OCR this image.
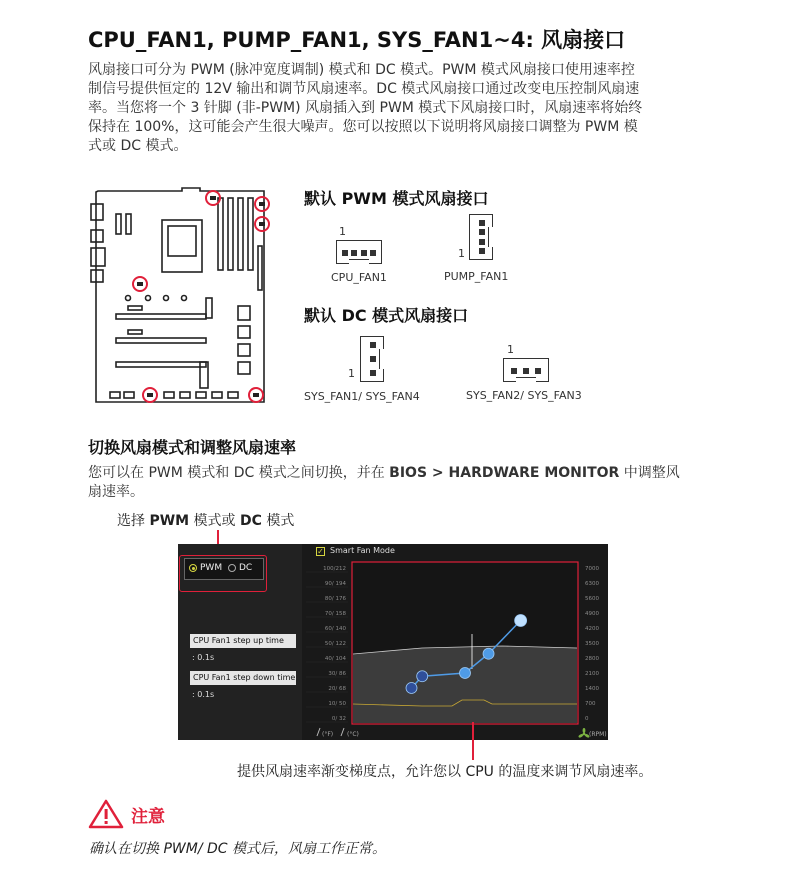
CPU_FAN1, PUMP_FAN1, SYS_FAN1~4: 风扇接口

风扇接口可分为 PWM (脉冲宽度调制) 模式和 DC 模式。PWM 模式风扇接口使用速率控
制信号提供恒定的 12V 输出和调节风扇速率。DC 模式风扇接口通过改变电压控制风扇速
率。当您将一个 3 针脚 (非-PWM) 风扇插入到 PWM 模式下风扇接口时，风扇速率将始终
保持在 100%，这可能会产生很大噪声。您可以按照以下说明将风扇接口调整为 PWM 模
式或 DC 模式。

默认 PWM 模式风扇接口
1
CPU_FAN1
1
PUMP_FAN1
默认 DC 模式风扇接口
1
SYS_FAN1/ SYS_FAN4
1
SYS_FAN2/ SYS_FAN3
切换风扇模式和调整风扇速率

您可以在 PWM 模式和 DC 模式之间切换，并在 BIOS > HARDWARE MONITOR 中调整风
扇速率。

选择 PWM 模式或 DC 模式
PWM DC
CPU Fan1 step up time
: 0.1s
CPU Fan1 step down time
: 0.1s
✓ Smart Fan Mode
100/212
90/ 194
80/ 176
70/ 158
60/ 140
50/ 122
40/ 104
30/ 86
20/ 68
10/ 50
0/ 32
7000
6300
5600
4900
4200
3500
2800
2100
1400
700
0
(°F) (°C)	(RPM)
提供风扇速率渐变梯度点，允许您以 CPU 的温度来调节风扇速率。
注意
确认在切换 PWM/ DC 模式后，风扇工作正常。
